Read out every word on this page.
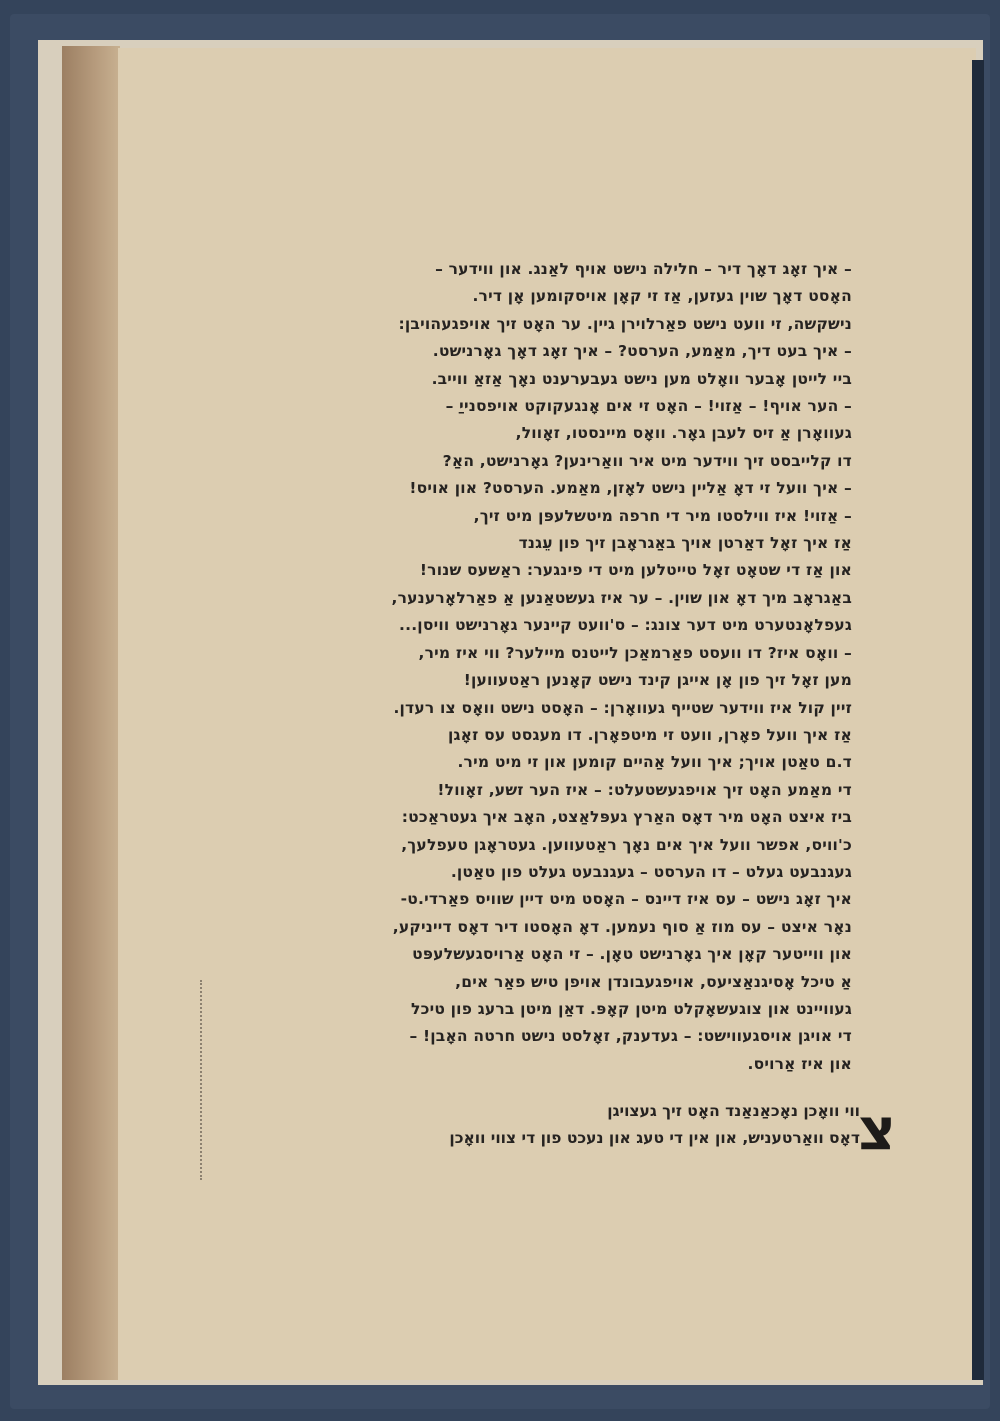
– איך זאָג דאָך דיר – חלילה נישט אויף לאַנג. און ווידער –
האָסט דאָך שוין געזען, אַז זי קאָן אויסקומען אָן דיר.
נישקשה, זי וועט נישט פאַרלוירן גיין. ער האָט זיך אויפגעהויבן:
– איך בעט דיך, מאַמע, הערסט? – איך זאָג דאָך גאָרנישט.
ביי לייטן אָבער וואָלט מען נישט געבערענט נאָך אַזאַ ווייב.
– הער אויף! – אַזוי! – האָט זי אים אָנגעקוקט אויפסנייַ –
געוואָרן אַ זיס לעבן גאָר. וואָס מיינסטו, זאָוול,
דו קלייבסט זיך ווידער מיט איר וואַרינען? גאָרנישט, האַ?
– איך וועל זי דאָ אַליין נישט לאָזן, מאַמע. הערסט? און אויס!
– אַזוי! איז ווילסטו מיר די חרפה מיטשלעפּן מיט זיך,
אַז איך זאָל דאַרטן אויך באַגראָבן זיך פון עֵגנד
און אַז די שטאָט זאָל טייטלען מיט די פינגער: ראַשעס שנור!
באַגראָב מיך דאָ און שוין. – ער איז געשטאַנען אַ פאַרלאָרענער,
געפלאָנטערט מיט דער צונג: – ס'וועט קיינער גאָרנישט וויסן...
– וואָס איז? דו וועסט פאַרמאַכן לייטנס מיילער? ווי איז מיר,
מען זאָל זיך פון אָן אייגן קינד נישט קאָנען ראַטעווען!
זיין קול איז ווידער שטייף געוואָרן: – האָסט נישט וואָס צו רעדן.
אַז איך וועל פאָרן, וועט זי מיטפאָרן. דו מעגסט עס זאָגן
ד.ם טאַטן אויך; איך וועל אַהיים קומען און זי מיט מיר.
די מאַמע האָט זיך אויפגעשטעלט: – איז הער זשע, זאָוול!
ביז איצט האָט מיר דאָס האַרץ געפּלאַצט, האָב איך געטראַכט:
כ'וויס, אפשר וועל איך אים נאָך ראַטעווען. געטראָגן טעפלעך,
געגנבעט געלט – דו הערסט – געגנבעט געלט פון טאַטן.
איך זאָג נישט – עס איז דיינס – האָסט מיט דיין שוויס פאַרדי.ט-
נאָר איצט – עס מוז אַ סוף נעמען. דאָ האָסטו דיר דאָס דייניקע,
און ווייטער קאָן איך גאָרנישט טאָן. – זי האָט אַרויסגעשלעפּט
אַ טיכל אָסיגנאַציעס, אויפגעבונדן אויפן טיש פאַר אים,
געוויינט און צוגעשאָקלט מיטן קאָפּ. דאַן מיטן ברעג פון טיכל
די אויגן אויסגעווישט: – געדענק, זאָלסט נישט חרטה האָבן! –
און איז אַרויס.
צ
ווי וואָכן נאָכאַנאַנד האָט זיך געצויגן
דאָס וואַרטעניש, און אין די טעג און נעכט פון די צווי וואָכן
